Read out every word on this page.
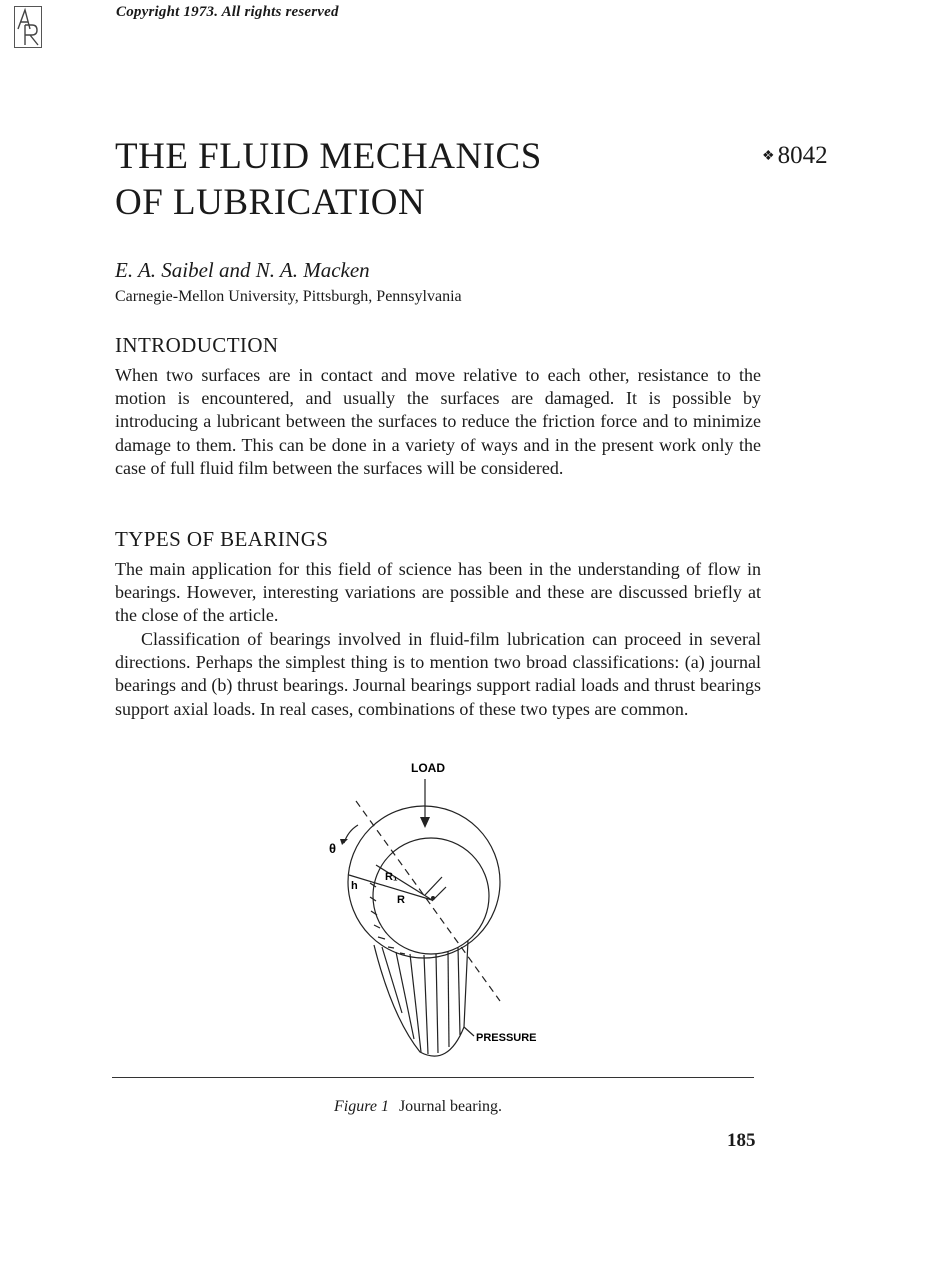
Copyright 1973. All rights reserved
THE FLUID MECHANICS
OF LUBRICATION
❖ 8042
E. A. Saibel and N. A. Macken
Carnegie-Mellon University, Pittsburgh, Pennsylvania
INTRODUCTION

When two surfaces are in contact and move relative to each other, resistance to the motion is encountered, and usually the surfaces are damaged. It is possible by introducing a lubricant between the surfaces to reduce the friction force and to minimize damage to them. This can be done in a variety of ways and in the present work only the case of full fluid film between the surfaces will be considered.

TYPES OF BEARINGS

The main application for this field of science has been in the understanding of flow in bearings. However, interesting variations are possible and these are discussed briefly at the close of the article.

Classification of bearings involved in fluid-film lubrication can proceed in several directions. Perhaps the simplest thing is to mention two broad classifications: (a) journal bearings and (b) thrust bearings. Journal bearings support radial loads and thrust bearings support axial loads. In real cases, combinations of these two types are common.

LOAD
θ
R₁
h
R
PRESSURE
Figure 1 Journal bearing.
185
